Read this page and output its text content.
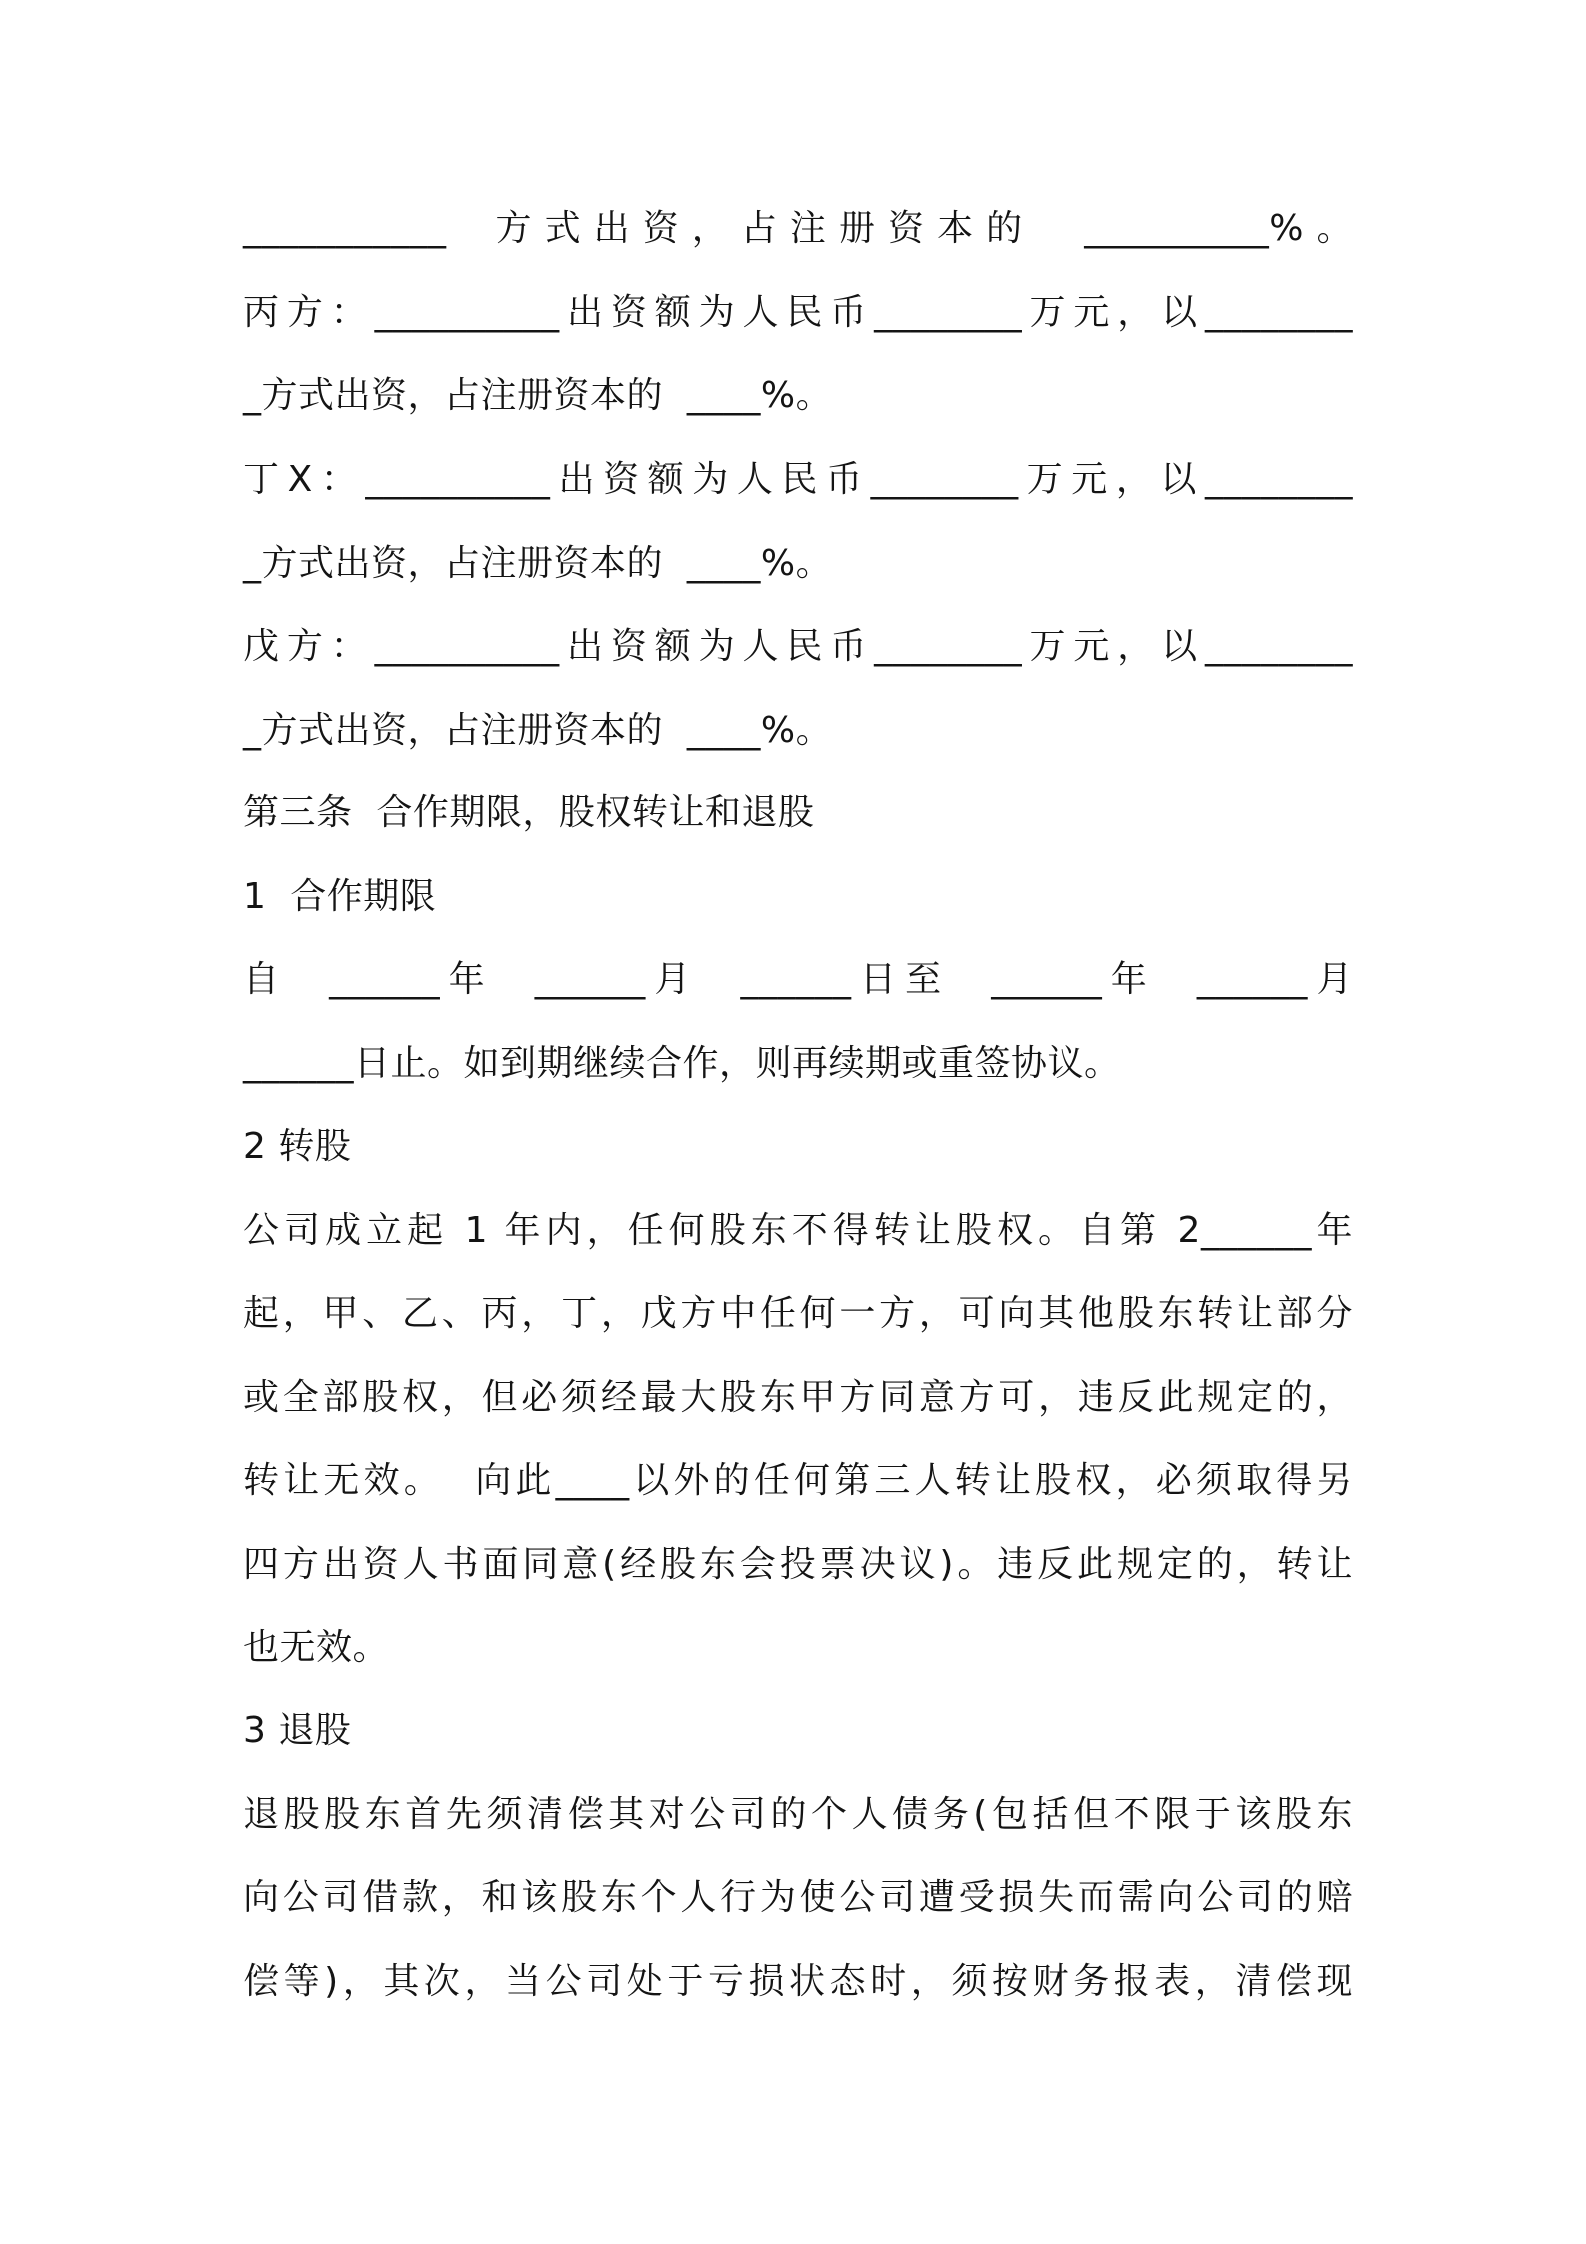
___________  方式出资，占注册资本的  __________%。
丙方：__________出资额为人民币________万元，以________
_方式出资，占注册资本的  ____%。
丁X：__________出资额为人民币________万元，以________
_方式出资，占注册资本的  ____%。
戊方：__________出资额为人民币________万元，以________
_方式出资，占注册资本的  ____%。
第三条  合作期限，股权转让和退股
1  合作期限
自  ______年  ______月  ______日至  ______年  ______月
______日止。如到期继续合作，则再续期或重签协议。
2 转股
公司成立起 1 年内，任何股东不得转让股权。自第 2______年
起，甲、乙、丙，丁，戊方中任何一方，可向其他股东转让部分
或全部股权，但必须经最大股东甲方同意方可，违反此规定的，
转让无效。  向此____以外的任何第三人转让股权，必须取得另
四方出资人书面同意(经股东会投票决议)。违反此规定的，转让
也无效。
3 退股
退股股东首先须清偿其对公司的个人债务(包括但不限于该股东
向公司借款，和该股东个人行为使公司遭受损失而需向公司的赔
偿等)，其次，当公司处于亏损状态时，须按财务报表，清偿现
